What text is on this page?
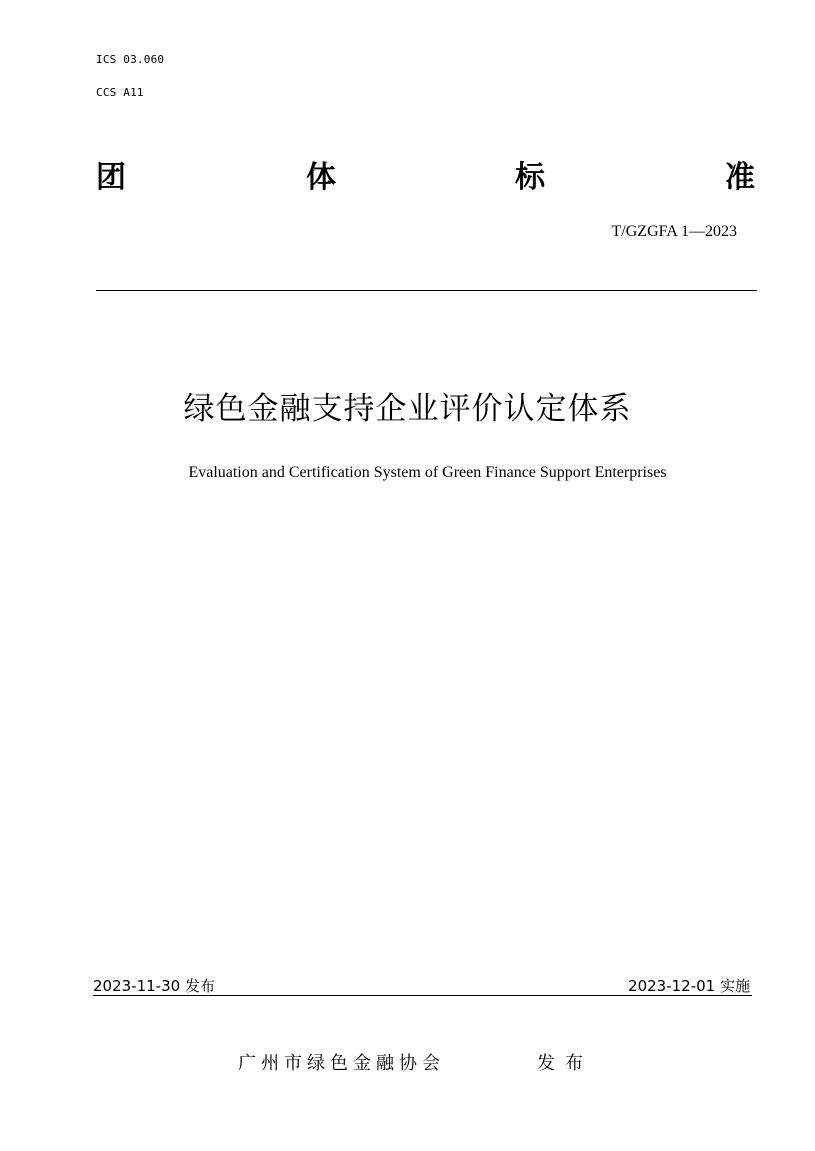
ICS 03.060
CCS A11
团	体	标	准
T/GZGFA 1—2023
绿色金融支持企业评价认定体系
Evaluation and Certification System of Green Finance Support Enterprises
2023-11-30 发布	2023-12-01 实施
广州市绿色金融协会	发布
